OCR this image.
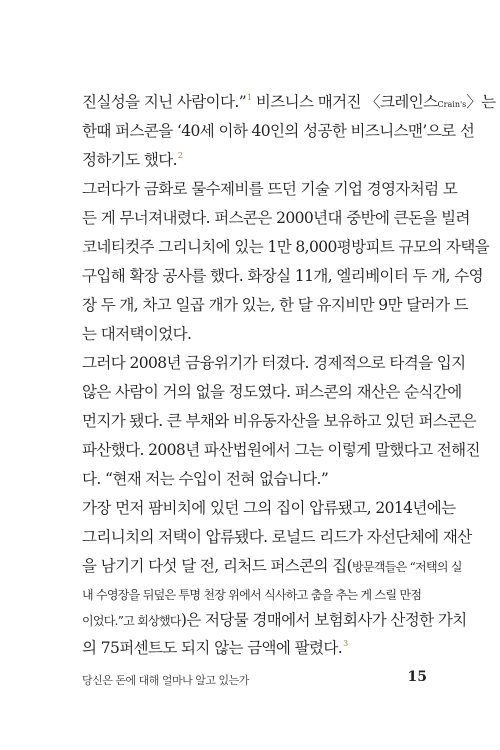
진실성을 지닌 사람이다.”$^1$ 비즈니스 매거진 〈크레인스Crain's〉는
한때 퍼스콘을 ‘40세 이하 40인의 성공한 비즈니스맨’으로 선
정하기도 했다.$^2$
그러다가 금화로 물수제비를 뜨던 기술 기업 경영자처럼 모
든 게 무너져내렸다. 퍼스콘은 2000년대 중반에 큰돈을 빌려
코네티컷주 그리니치에 있는 1만 8,000평방피트 규모의 자택을
구입해 확장 공사를 했다. 화장실 11개, 엘리베이터 두 개, 수영
장 두 개, 차고 일곱 개가 있는, 한 달 유지비만 9만 달러가 드
는 대저택이었다.
그러다 2008년 금융위기가 터졌다. 경제적으로 타격을 입지
않은 사람이 거의 없을 정도였다. 퍼스콘의 재산은 순식간에
먼지가 됐다. 큰 부채와 비유동자산을 보유하고 있던 퍼스콘은
파산했다. 2008년 파산법원에서 그는 이렇게 말했다고 전해진
다. “현재 저는 수입이 전혀 없습니다.”
가장 먼저 팜비치에 있던 그의 집이 압류됐고, 2014년에는
그리니치의 저택이 압류됐다. 로널드 리드가 자선단체에 재산
을 남기기 다섯 달 전, 리처드 퍼스콘의 집(방문객들은 “저택의 실
내 수영장을 뒤덮은 투명 천장 위에서 식사하고 춤을 추는 게 스릴 만점
이었다.”고 회상했다)은 저당물 경매에서 보험회사가 산정한 가치
당신은 돈에 대해 얼마나 알고 있는가	15
의 75퍼센트도 되지 않는 금액에 팔렸다.$^3$
